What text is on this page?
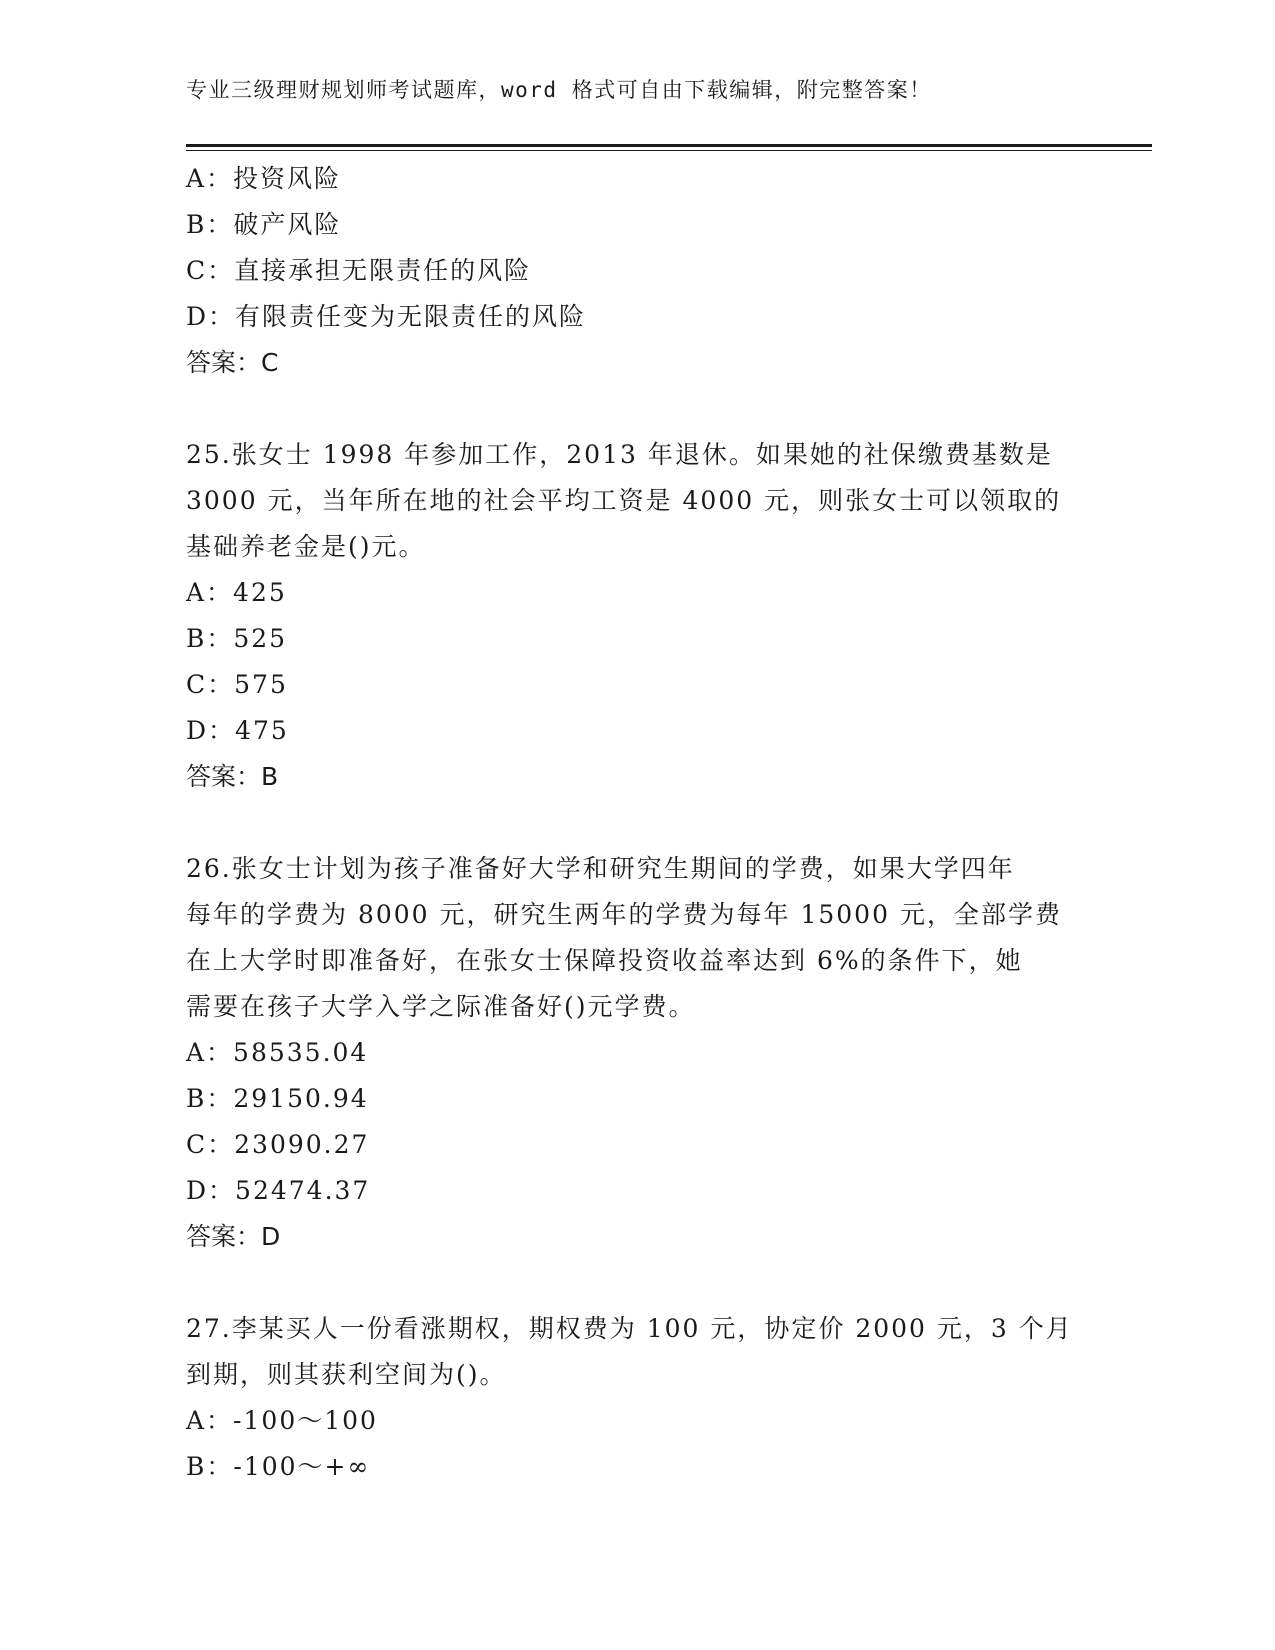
专业三级理财规划师考试题库，word 格式可自由下载编辑，附完整答案！
A：投资风险
B：破产风险
C：直接承担无限责任的风险
D：有限责任变为无限责任的风险
答案：C
25.张女士 1998 年参加工作，2013 年退休。如果她的社保缴费基数是
3000 元，当年所在地的社会平均工资是 4000 元，则张女士可以领取的
基础养老金是()元。
A：425
B：525
C：575
D：475
答案：B
26.张女士计划为孩子准备好大学和研究生期间的学费，如果大学四年
每年的学费为 8000 元，研究生两年的学费为每年 15000 元，全部学费
在上大学时即准备好，在张女士保障投资收益率达到 6%的条件下，她
需要在孩子大学入学之际准备好()元学费。
A：58535.04
B：29150.94
C：23090.27
D：52474.37
答案：D
27.李某买人一份看涨期权，期权费为 100 元，协定价 2000 元，3 个月
到期，则其获利空间为()。
A：-100～100
B：-100～+∞
